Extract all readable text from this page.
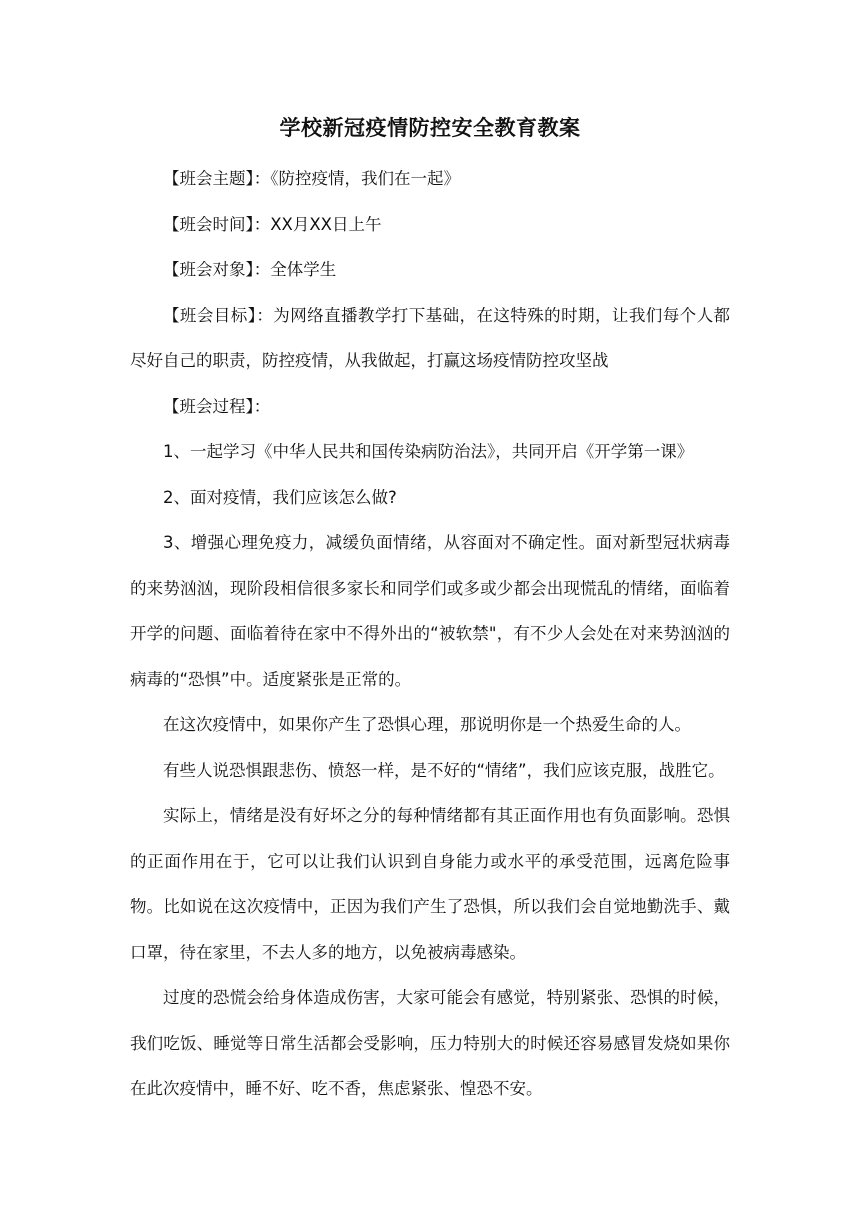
学校新冠疫情防控安全教育教案

【班会主题】：《防控疫情，我们在一起》

【班会时间】：XX月XX日上午

【班会对象】：全体学生

【班会目标】：为网络直播教学打下基础，在这特殊的时期，让我们每个人都尽好自己的职责，防控疫情，从我做起，打赢这场疫情防控攻坚战

【班会过程】：

1、一起学习《中华人民共和国传染病防治法》，共同开启《开学第一课》

2、面对疫情，我们应该怎么做?

3、增强心理免疫力，减缓负面情绪，从容面对不确定性。面对新型冠状病毒的来势汹汹，现阶段相信很多家长和同学们或多或少都会出现慌乱的情绪，面临着开学的问题、面临着待在家中不得外出的“被软禁"，有不少人会处在对来势汹汹的病毒的“恐惧”中。适度紧张是正常的。

在这次疫情中，如果你产生了恐惧心理，那说明你是一个热爱生命的人。

有些人说恐惧跟悲伤、愤怒一样，是不好的“情绪”，我们应该克服，战胜它。

实际上，情绪是没有好坏之分的每种情绪都有其正面作用也有负面影响。恐惧的正面作用在于，它可以让我们认识到自身能力或水平的承受范围，远离危险事物。比如说在这次疫情中，正因为我们产生了恐惧，所以我们会自觉地勤洗手、戴口罩，待在家里，不去人多的地方，以免被病毒感染。

过度的恐慌会给身体造成伤害，大家可能会有感觉，特别紧张、恐惧的时候，我们吃饭、睡觉等日常生活都会受影响，压力特别大的时候还容易感冒发烧如果你在此次疫情中，睡不好、吃不香，焦虑紧张、惶恐不安。
